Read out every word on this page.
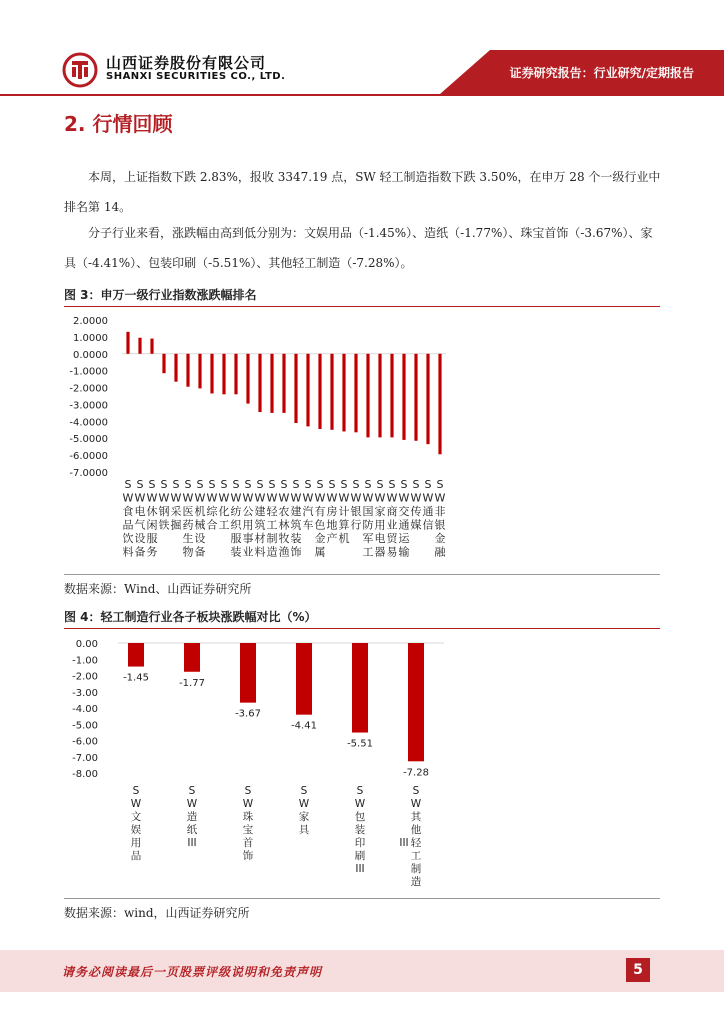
山西证券股份有限公司
SHANXI SECURITIES CO., LTD.	证券研究报告：行业研究/定期报告
2. 行情回顾
本周，上证指数下跌 2.83%，报收 3347.19 点，SW 轻工制造指数下跌 3.50%，在申万 28 个一级行业中排名第 14。
分子行业来看，涨跌幅由高到低分别为：文娱用品（-1.45%）、造纸（-1.77%）、珠宝首饰（-3.67%）、家具（-4.41%）、包装印刷（-5.51%）、其他轻工制造（-7.28%）。
图 3：申万一级行业指数涨跌幅排名
2.0000
1.0000
0.0000
-1.0000
-2.0000
-3.0000
-4.0000
-5.0000
-6.0000
-7.0000
S
W
食
品
饮
料
S
W
电
气
设
备
S
W
休
闲
服
务
S
W
钢
铁
S
W
采
掘
S
W
医
药
生
物
S
W
机
械
设
备
S
W
综
合
S
W
化
工
S
W
纺
织
服
装
S
W
公
用
事
业
S
W
建
筑
材
料
S
W
轻
工
制
造
S
W
农
林
牧
渔
S
W
建
筑
装
饰
S
W
汽
车
S
W
有
色
金
属
S
W
房
地
产
S
W
计
算
机
S
W
银
行
S
W
国
防
军
工
S
W
家
用
电
器
S
W
商
业
贸
易
S
W
交
通
运
输
S
W
传
媒
S
W
通
信
S
W
非
银
金
融
数据来源：Wind、山西证券研究所
图 4：轻工制造行业各子板块涨跌幅对比（%）
0.00
-1.00
-2.00
-3.00
-4.00
-5.00
-6.00
-7.00
-8.00
-1.45
S
W
文
娱
用
品
-1.77
S
W
造
纸
III
-3.67
S
W
珠
宝
首
饰
-4.41
S
W
家
具
-5.51
S
W
包
装
印
刷
III
-7.28
S
W
其
他
轻
工
制
造
III
数据来源：wind，山西证券研究所
请务必阅读最后一页股票评级说明和免责声明	5
